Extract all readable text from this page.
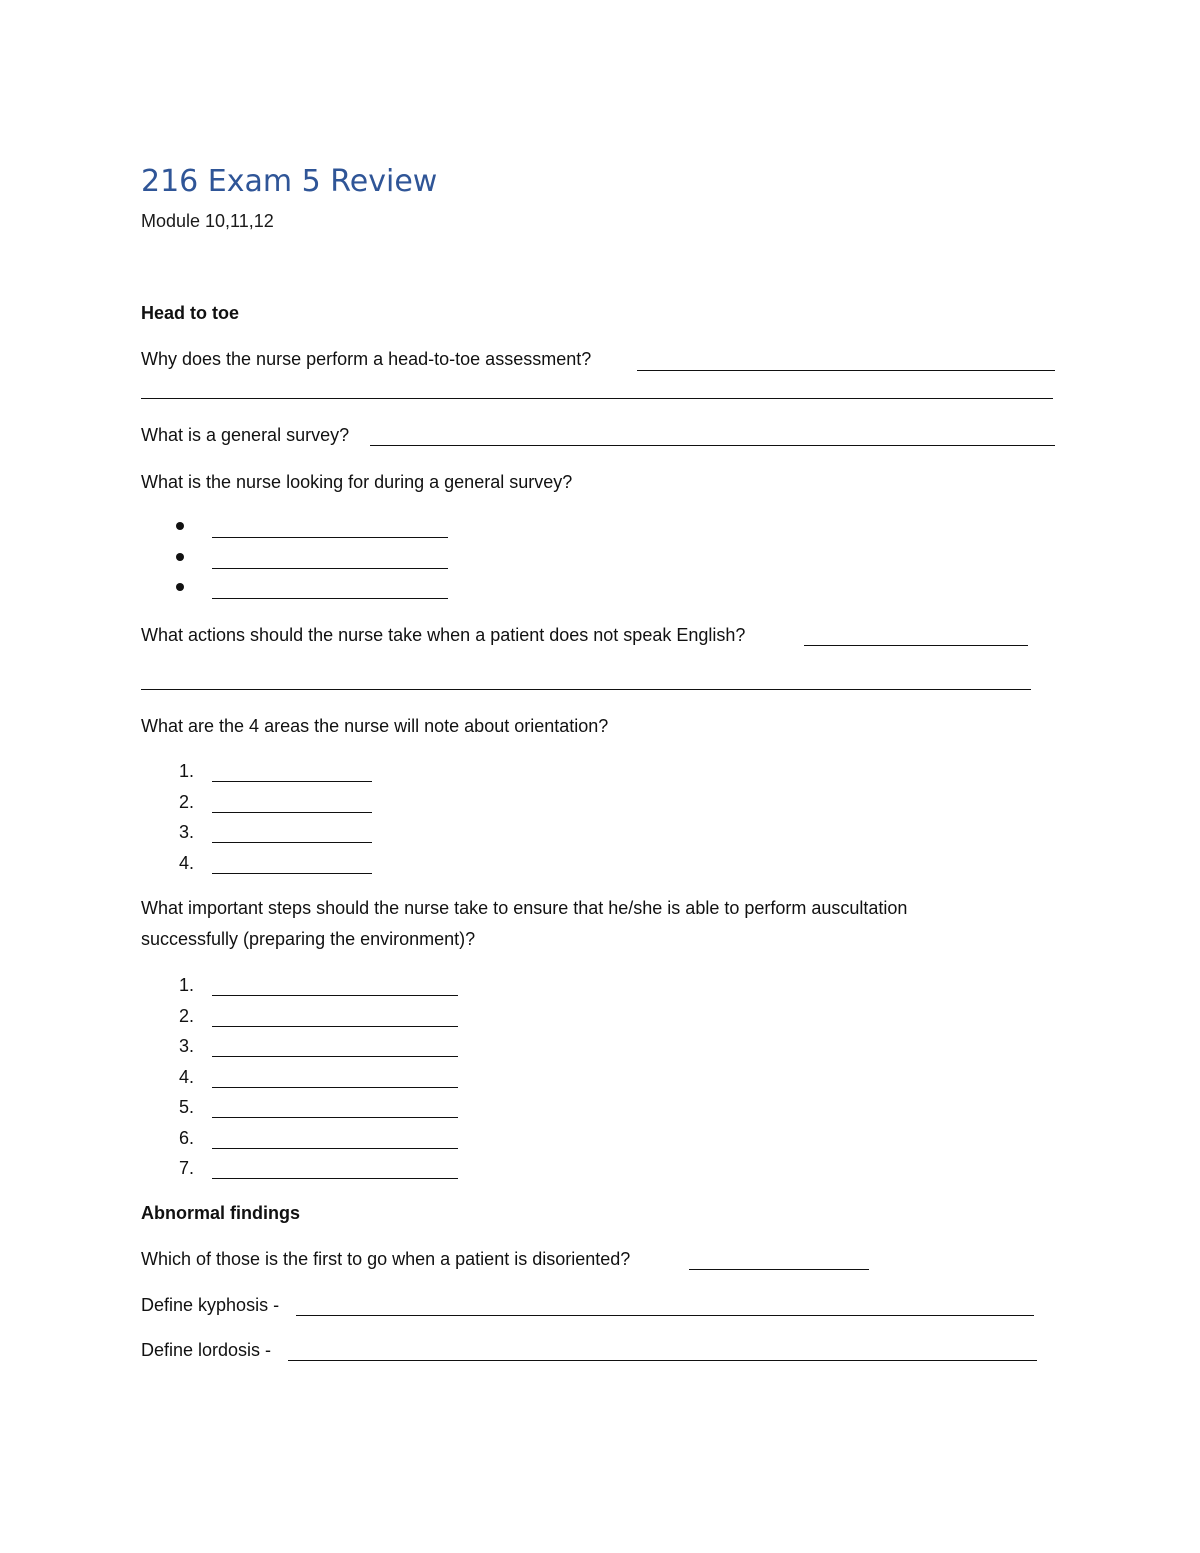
216 Exam 5 Review
Module 10,11,12
Head to toe
Why does the nurse perform a head-to-toe assessment?
What is a general survey?
What is the nurse looking for during a general survey?
What actions should the nurse take when a patient does not speak English?
What are the 4 areas the nurse will note about orientation?
1.
2.
3.
4.
What important steps should the nurse take to ensure that he/she is able to perform auscultation
successfully (preparing the environment)?
1.
2.
3.
4.
5.
6.
7.
Abnormal findings
Which of those is the first to go when a patient is disoriented?
Define kyphosis -
Define lordosis -
